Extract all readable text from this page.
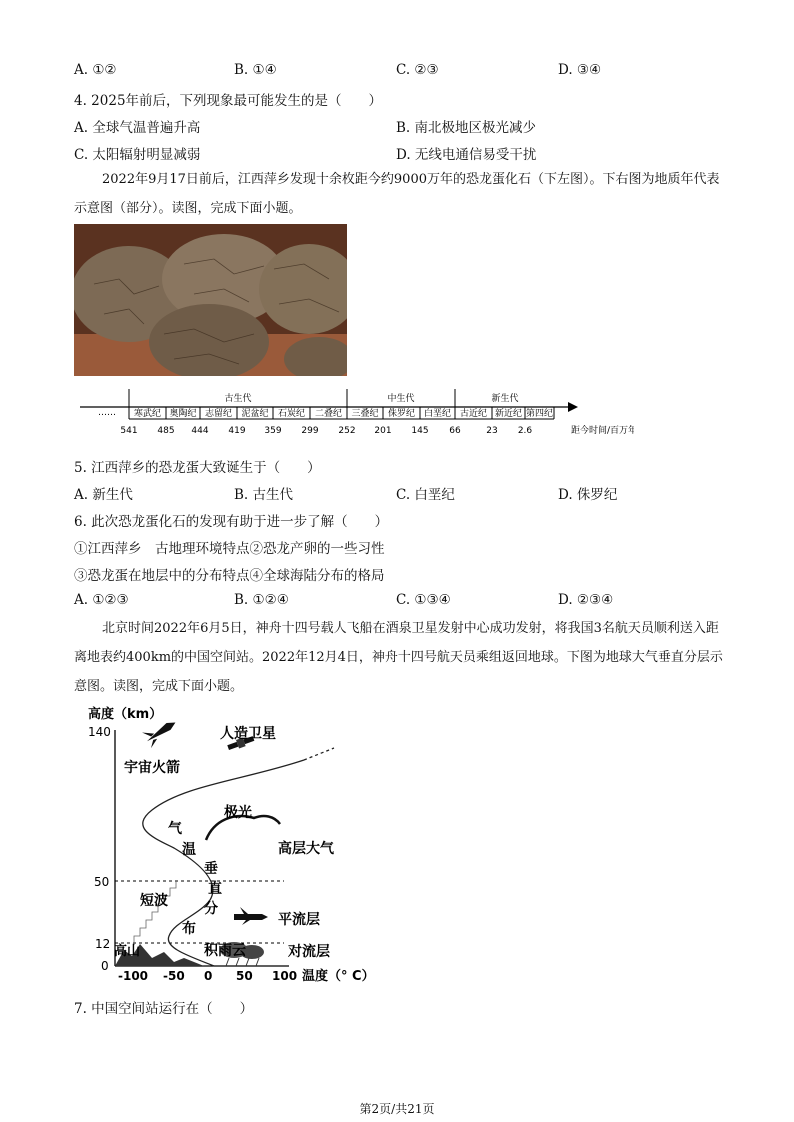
A. ①②	B. ①④	C. ②③	D. ③④
4. 2025年前后，下列现象最可能发生的是（　　）
A. 全球气温普遍升高	B. 南北极地区极光减少
C. 太阳辐射明显减弱	D. 无线电通信易受干扰
2022年9月17日前后，江西萍乡发现十余枚距今约9000万年的恐龙蛋化石（下左图）。下右图为地质年代表示意图（部分）。读图，完成下面小题。
……
古生代	中生代	新生代
寒武纪 奥陶纪 志留纪 泥盆纪 石炭纪 二叠纪 三叠纪 侏罗纪 白垩纪 古近纪 新近纪 第四纪
541 485 444 419 359 299 252 201 145 66	23 2.6	距今时间/百万年
5. 江西萍乡的恐龙蛋大致诞生于（　　）
A. 新生代	B. 古生代	C. 白垩纪	D. 侏罗纪
6. 此次恐龙蛋化石的发现有助于进一步了解（　　）
①江西萍乡　古地理环境特点②恐龙产卵的一些习性
③恐龙蛋在地层中的分布特点④全球海陆分布的格局
A. ①②③	B. ①②④	C. ①③④	D. ②③④
北京时间2022年6月5日，神舟十四号载人飞船在酒泉卫星发射中心成功发射，将我国3名航天员顺利送入距离地表约400km的中国空间站。2022年12月4日，神舟十四号航天员乘组返回地球。下图为地球大气垂直分层示意图。读图，完成下面小题。
高度（km）
140
50
12
0
-100 -50 0 50 100 温度（° C）
宇宙火箭
人造卫星
极光
高层大气
气
温
垂
直
分
布
短波
平流层
高山	积雨云	对流层
7. 中国空间站运行在（　　）
第2页/共21页
